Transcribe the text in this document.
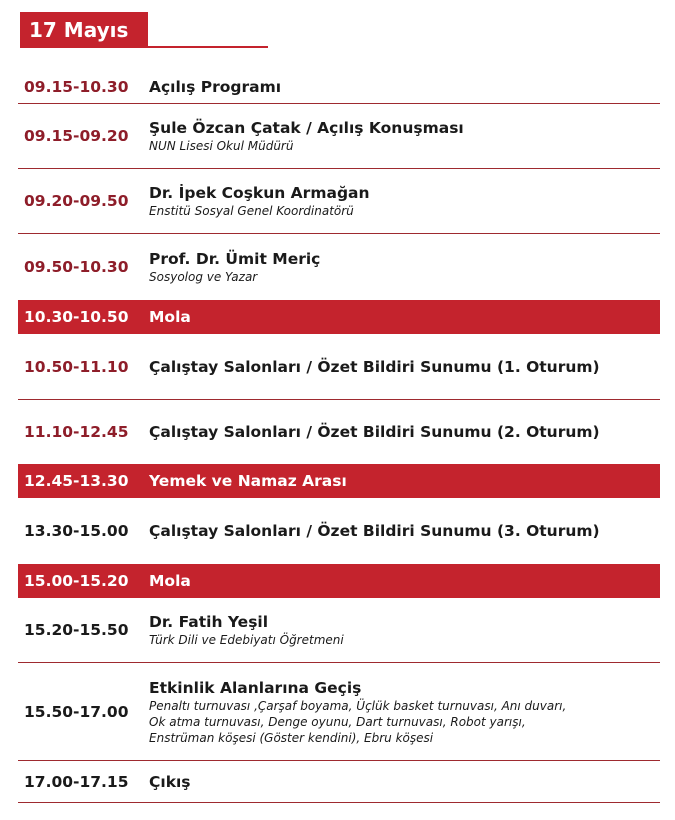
17 Mayıs
09.15-10.30 Açılış Programı
09.15-09.20 Şule Özcan Çatak / Açılış Konuşması
NUN Lisesi Okul Müdürü
09.20-09.50 Dr. İpek Coşkun Armağan
Enstitü Sosyal Genel Koordinatörü
09.50-10.30 Prof. Dr. Ümit Meriç
Sosyolog ve Yazar
10.30-10.50 Mola
10.50-11.10 Çalıştay Salonları / Özet Bildiri Sunumu (1. Oturum)
11.10-12.45 Çalıştay Salonları / Özet Bildiri Sunumu (2. Oturum)
12.45-13.30 Yemek ve Namaz Arası
13.30-15.00 Çalıştay Salonları / Özet Bildiri Sunumu (3. Oturum)
15.00-15.20 Mola
15.20-15.50 Dr. Fatih Yeşil
Türk Dili ve Edebiyatı Öğretmeni
15.50-17.00
Etkinlik Alanlarına Geçiş
Penaltı turnuvası ,Çarşaf boyama, Üçlük basket turnuvası, Anı duvarı,
Ok atma turnuvası, Denge oyunu, Dart turnuvası, Robot yarışı,
Enstrüman köşesi (Göster kendini), Ebru köşesi
17.00-17.15 Çıkış
